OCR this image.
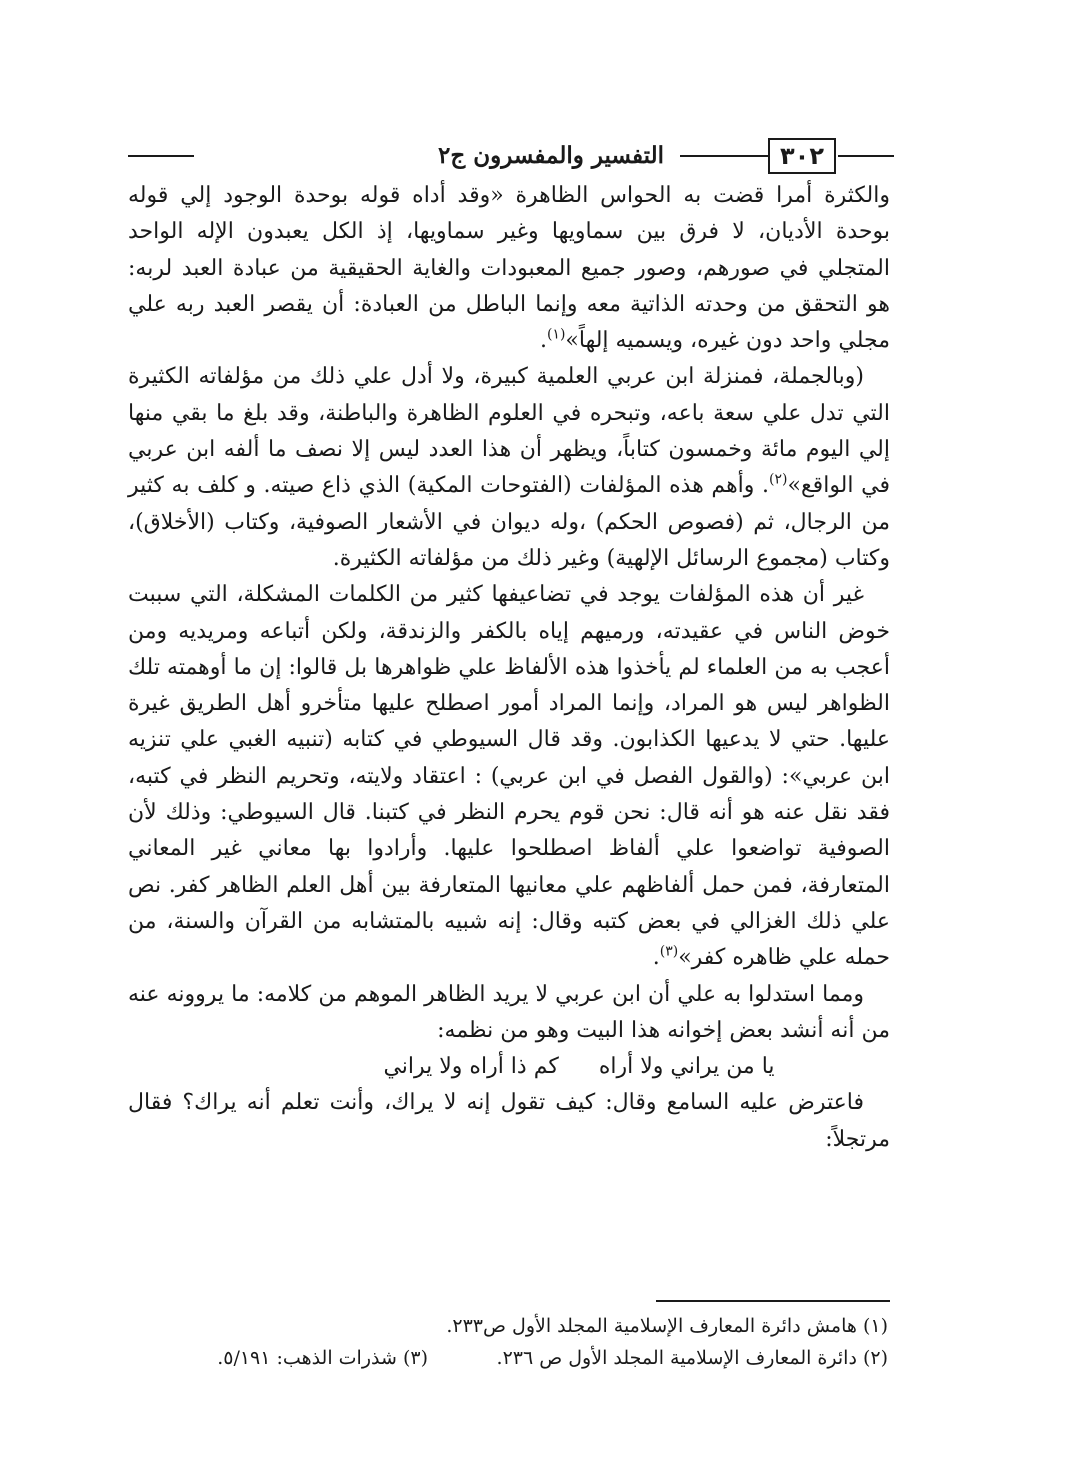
٣٠٢
التفسير والمفسرون ج٢

والكثرة أمرا قضت به الحواس الظاهرة «وقد أداه قوله بوحدة الوجود إلي قوله بوحدة الأديان، لا فرق بين سماويها وغير سماويها، إذ الكل يعبدون الإله الواحد المتجلي في صورهم، وصور جميع المعبودات والغاية الحقيقية من عبادة العبد لربه: هو التحقق من وحدته الذاتية معه وإنما الباطل من العبادة: أن يقصر العبد ربه علي مجلي واحد دون غيره، ويسميه إلهاً»$^{(١)}$.

(وبالجملة، فمنزلة ابن عربي العلمية كبيرة، ولا أدل علي ذلك من مؤلفاته الكثيرة التي تدل علي سعة باعه، وتبحره في العلوم الظاهرة والباطنة، وقد بلغ ما بقي منها إلي اليوم مائة وخمسون كتاباً، ويظهر أن هذا العدد ليس إلا نصف ما ألفه ابن عربي في الواقع»$^{(٢)}$. وأهم هذه المؤلفات (الفتوحات المكية) الذي ذاع صيته. و كلف به كثير من الرجال، ثم (فصوص الحكم) ،وله ديوان في الأشعار الصوفية، وكتاب (الأخلاق)، وكتاب (مجموع الرسائل الإلهية) وغير ذلك من مؤلفاته الكثيرة.

غير أن هذه المؤلفات يوجد في تضاعيفها كثير من الكلمات المشكلة، التي سببت خوض الناس في عقيدته، ورميهم إياه بالكفر والزندقة، ولكن أتباعه ومريديه ومن أعجب به من العلماء لم يأخذوا هذه الألفاظ علي ظواهرها بل قالوا: إن ما أوهمته تلك الظواهر ليس هو المراد، وإنما المراد أمور اصطلح عليها متأخرو أهل الطريق غيرة عليها. حتي لا يدعيها الكذابون. وقد قال السيوطي في كتابه (تنبيه الغبي علي تنزيه ابن عربي»: (والقول الفصل في ابن عربي) : اعتقاد ولايته، وتحريم النظر في كتبه، فقد نقل عنه هو أنه قال: نحن قوم يحرم النظر في كتبنا. قال السيوطي: وذلك لأن الصوفية تواضعوا علي ألفاظ اصطلحوا عليها. وأرادوا بها معاني غير المعاني المتعارفة، فمن حمل ألفاظهم علي معانيها المتعارفة بين أهل العلم الظاهر كفر. نص علي ذلك الغزالي في بعض كتبه وقال: إنه شبيه بالمتشابه من القرآن والسنة، من حمله علي ظاهره كفر»$^{(٣)}$.

ومما استدلوا به علي أن ابن عربي لا يريد الظاهر الموهم من كلامه: ما يروونه عنه من أنه أنشد بعض إخوانه هذا البيت وهو من نظمه:

يا من يراني ولا أراهكم ذا أراه ولا يراني

فاعترض عليه السامع وقال: كيف تقول إنه لا يراك، وأنت تعلم أنه يراك؟ فقال مرتجلاً:

(١) هامش دائرة المعارف الإسلامية المجلد الأول ص٢٣٣.
(٢) دائرة المعارف الإسلامية المجلد الأول ص ٢٣٦.
(٣) شذرات الذهب: ٥/١٩١.
